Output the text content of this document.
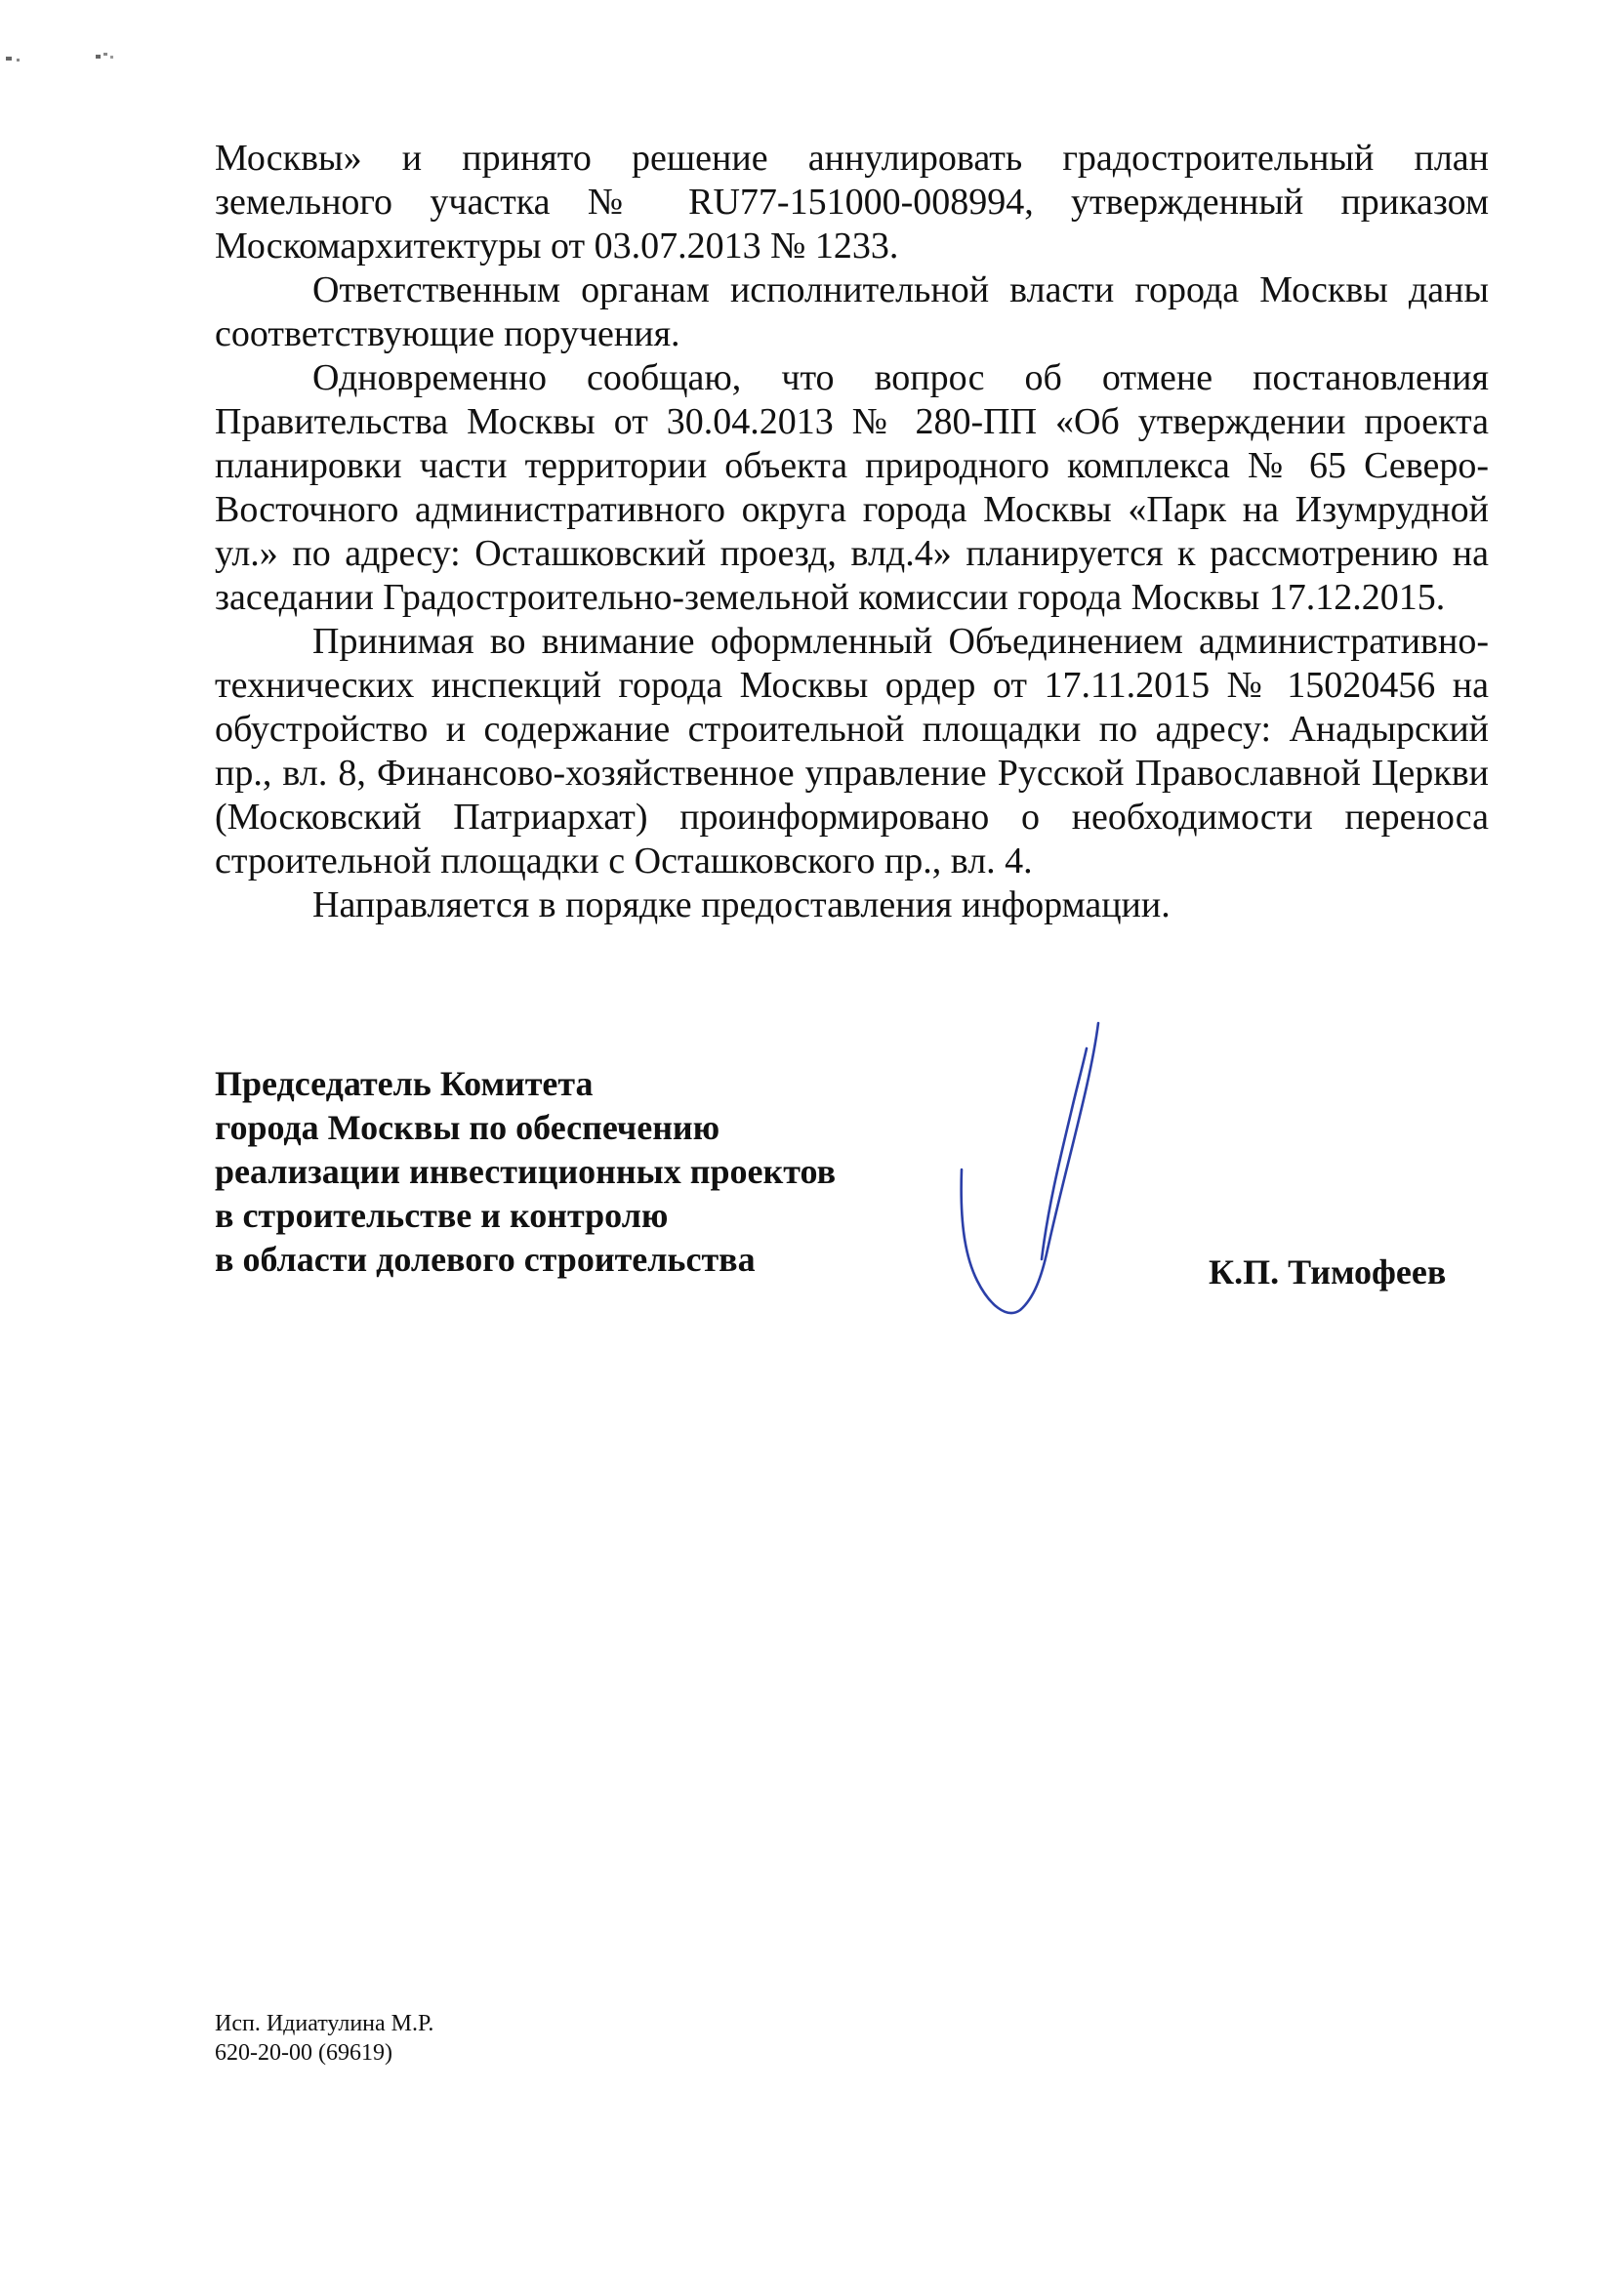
Москвы» и принято решение аннулировать градостроительный план земельного участка № RU77-151000-008994, утвержденный приказом Москомархитектуры от 03.07.2013 № 1233.

Ответственным органам исполнительной власти города Москвы даны соответствующие поручения.

Одновременно сообщаю, что вопрос об отмене постановления Правительства Москвы от 30.04.2013 № 280-ПП «Об утверждении проекта планировки части территории объекта природного комплекса № 65 Северо-Восточного административного округа города Москвы «Парк на Изумрудной ул.» по адресу: Осташковский проезд, влд.4» планируется к рассмотрению на заседании Градостроительно-земельной комиссии города Москвы 17.12.2015.

Принимая во внимание оформленный Объединением административно-технических инспекций города Москвы ордер от 17.11.2015 № 15020456 на обустройство и содержание строительной площадки по адресу: Анадырский пр., вл. 8, Финансово-хозяйственное управление Русской Православной Церкви (Московский Патриархат) проинформировано о необходимости переноса строительной площадки с Осташковского пр., вл. 4.

Направляется в порядке предоставления информации.

Председатель Комитета
города Москвы по обеспечению
реализации инвестиционных проектов
в строительстве и контролю
в области долевого строительства	К.П. Тимофеев
Исп. Идиатулина М.Р.
620-20-00 (69619)
